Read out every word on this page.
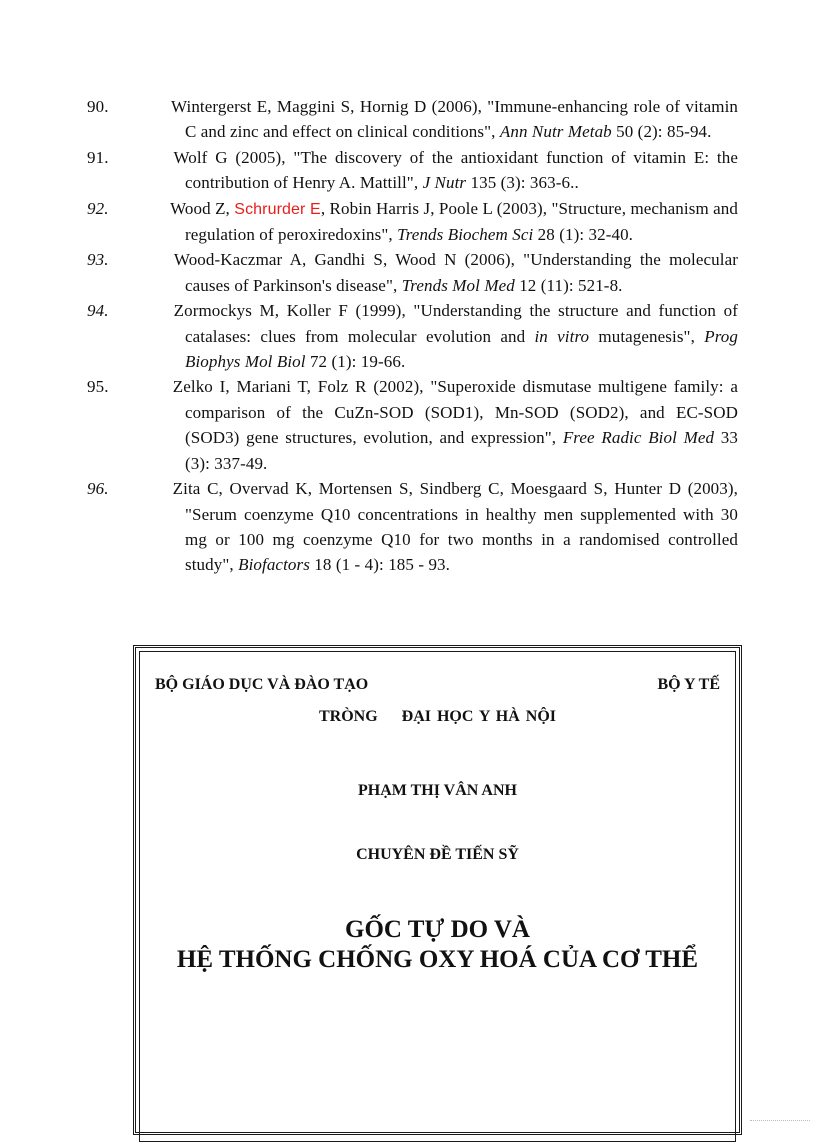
90.	Wintergerst E, Maggini S, Hornig D (2006), "Immune-enhancing role of vitamin C and zinc and effect on clinical conditions", Ann Nutr Metab 50 (2): 85-94.

91.	Wolf G (2005), "The discovery of the antioxidant function of vitamin E: the contribution of Henry A. Mattill", J Nutr 135 (3): 363-6..

92.	Wood Z, Schrurder E, Robin Harris J, Poole L (2003), "Structure, mechanism and regulation of peroxiredoxins", Trends Biochem Sci 28 (1): 32-40.

93.	Wood-Kaczmar A, Gandhi S, Wood N (2006), "Understanding the molecular causes of Parkinson's disease", Trends Mol Med 12 (11): 521-8.

94.	Zormockys M, Koller F (1999), "Understanding the structure and function of catalases: clues from molecular evolution and in vitro mutagenesis", Prog Biophys Mol Biol 72 (1): 19-66.

95.	Zelko I, Mariani T, Folz R (2002), "Superoxide dismutase multigene family: a comparison of the CuZn-SOD (SOD1), Mn-SOD (SOD2), and EC-SOD (SOD3) gene structures, evolution, and expression", Free Radic Biol Med 33 (3): 337-49.

96.	Zita C, Overvad K, Mortensen S, Sindberg C, Moesgaard S, Hunter D (2003), "Serum coenzyme Q10 concentrations in healthy men supplemented with 30 mg or 100 mg coenzyme Q10 for two months in a randomised controlled study", Biofactors 18 (1 - 4): 185 - 93.

BỘ GIÁO DỤC VÀ ĐÀO TẠO	BỘ Y TẾ
TRÒNG    ĐẠI HỌC Y HÀ NỘI
PHẠM THỊ VÂN ANH
CHUYÊN ĐỀ TIẾN SỸ
GỐC TỰ DO VÀ
HỆ THỐNG CHỐNG OXY HOÁ CỦA CƠ THỂ
